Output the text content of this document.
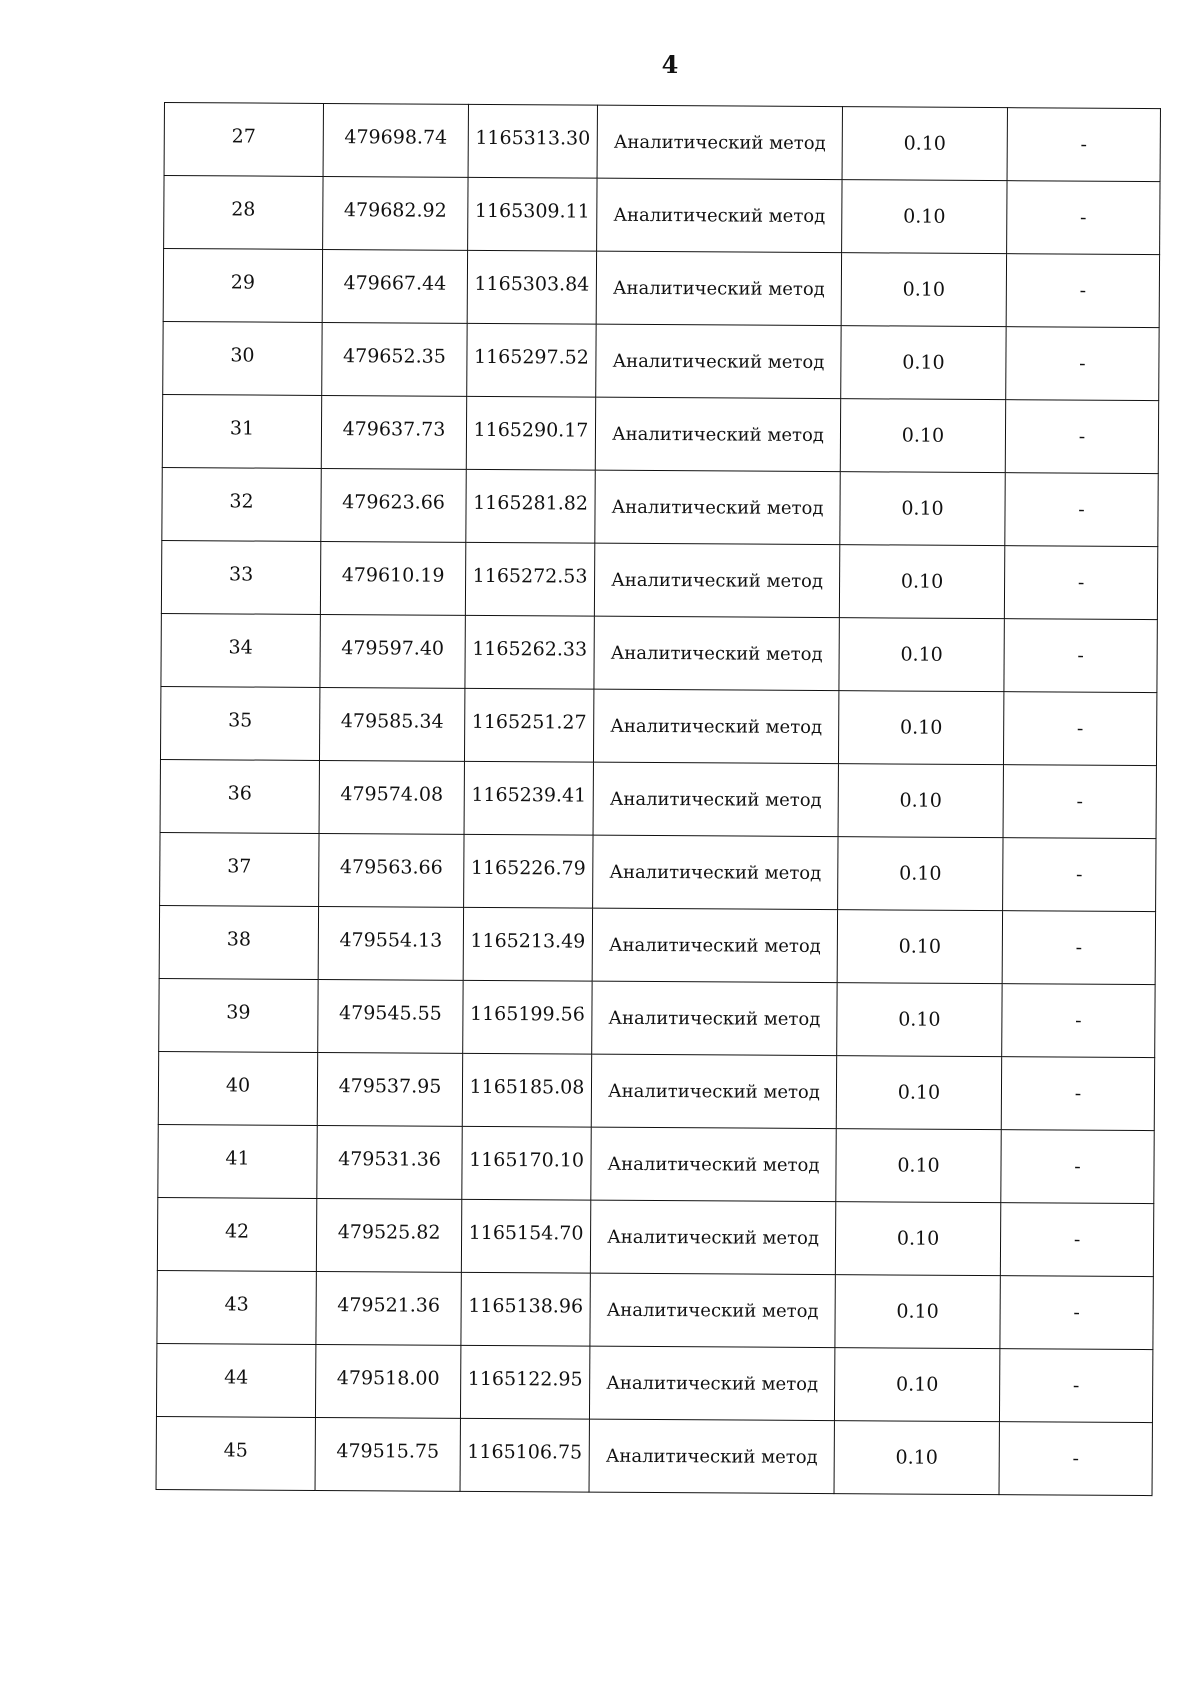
4
27	479698.74	1165313.30	Аналитический метод	0.10	-
28	479682.92	1165309.11	Аналитический метод	0.10	-
29	479667.44	1165303.84	Аналитический метод	0.10	-
30	479652.35	1165297.52	Аналитический метод	0.10	-
31	479637.73	1165290.17	Аналитический метод	0.10	-
32	479623.66	1165281.82	Аналитический метод	0.10	-
33	479610.19	1165272.53	Аналитический метод	0.10	-
34	479597.40	1165262.33	Аналитический метод	0.10	-
35	479585.34	1165251.27	Аналитический метод	0.10	-
36	479574.08	1165239.41	Аналитический метод	0.10	-
37	479563.66	1165226.79	Аналитический метод	0.10	-
38	479554.13	1165213.49	Аналитический метод	0.10	-
39	479545.55	1165199.56	Аналитический метод	0.10	-
40	479537.95	1165185.08	Аналитический метод	0.10	-
41	479531.36	1165170.10	Аналитический метод	0.10	-
42	479525.82	1165154.70	Аналитический метод	0.10	-
43	479521.36	1165138.96	Аналитический метод	0.10	-
44	479518.00	1165122.95	Аналитический метод	0.10	-
45	479515.75	1165106.75	Аналитический метод	0.10	-
